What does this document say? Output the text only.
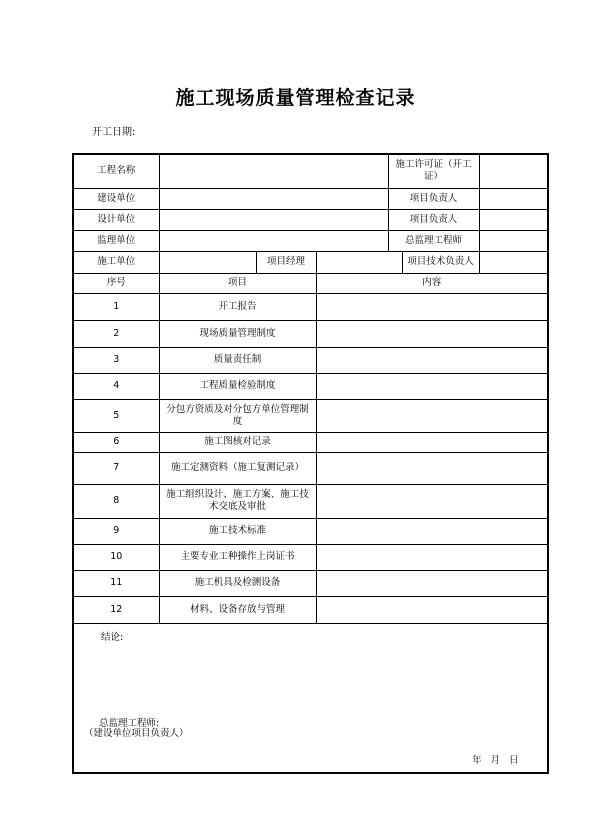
施工现场质量管理检查记录
开工日期:
工程名称				施工许可证（开工证）		
建设单位				项目负责人		
设计单位				项目负责人		
监理单位				总监理工程师		
施工单位		项目经理			项目技术负责人	
序号	项目		内容			
1	开工报告					
2	现场质量管理制度					
3	质量责任制					
4	工程质量检验制度					
5	分包方资质及对分包方单位管理制度					
6	施工图核对记录					
7	施工定测资料（施工复测记录）					
8	施工组织设计、施工方案、施工技术交底及审批					
9	施工技术标准					
10	主要专业工种操作上岗证书					
11	施工机具及检测设备					
12	材料、设备存放与管理					

结论:
总监理工程师:
（建设单位项目负责人）
年 月 日						
